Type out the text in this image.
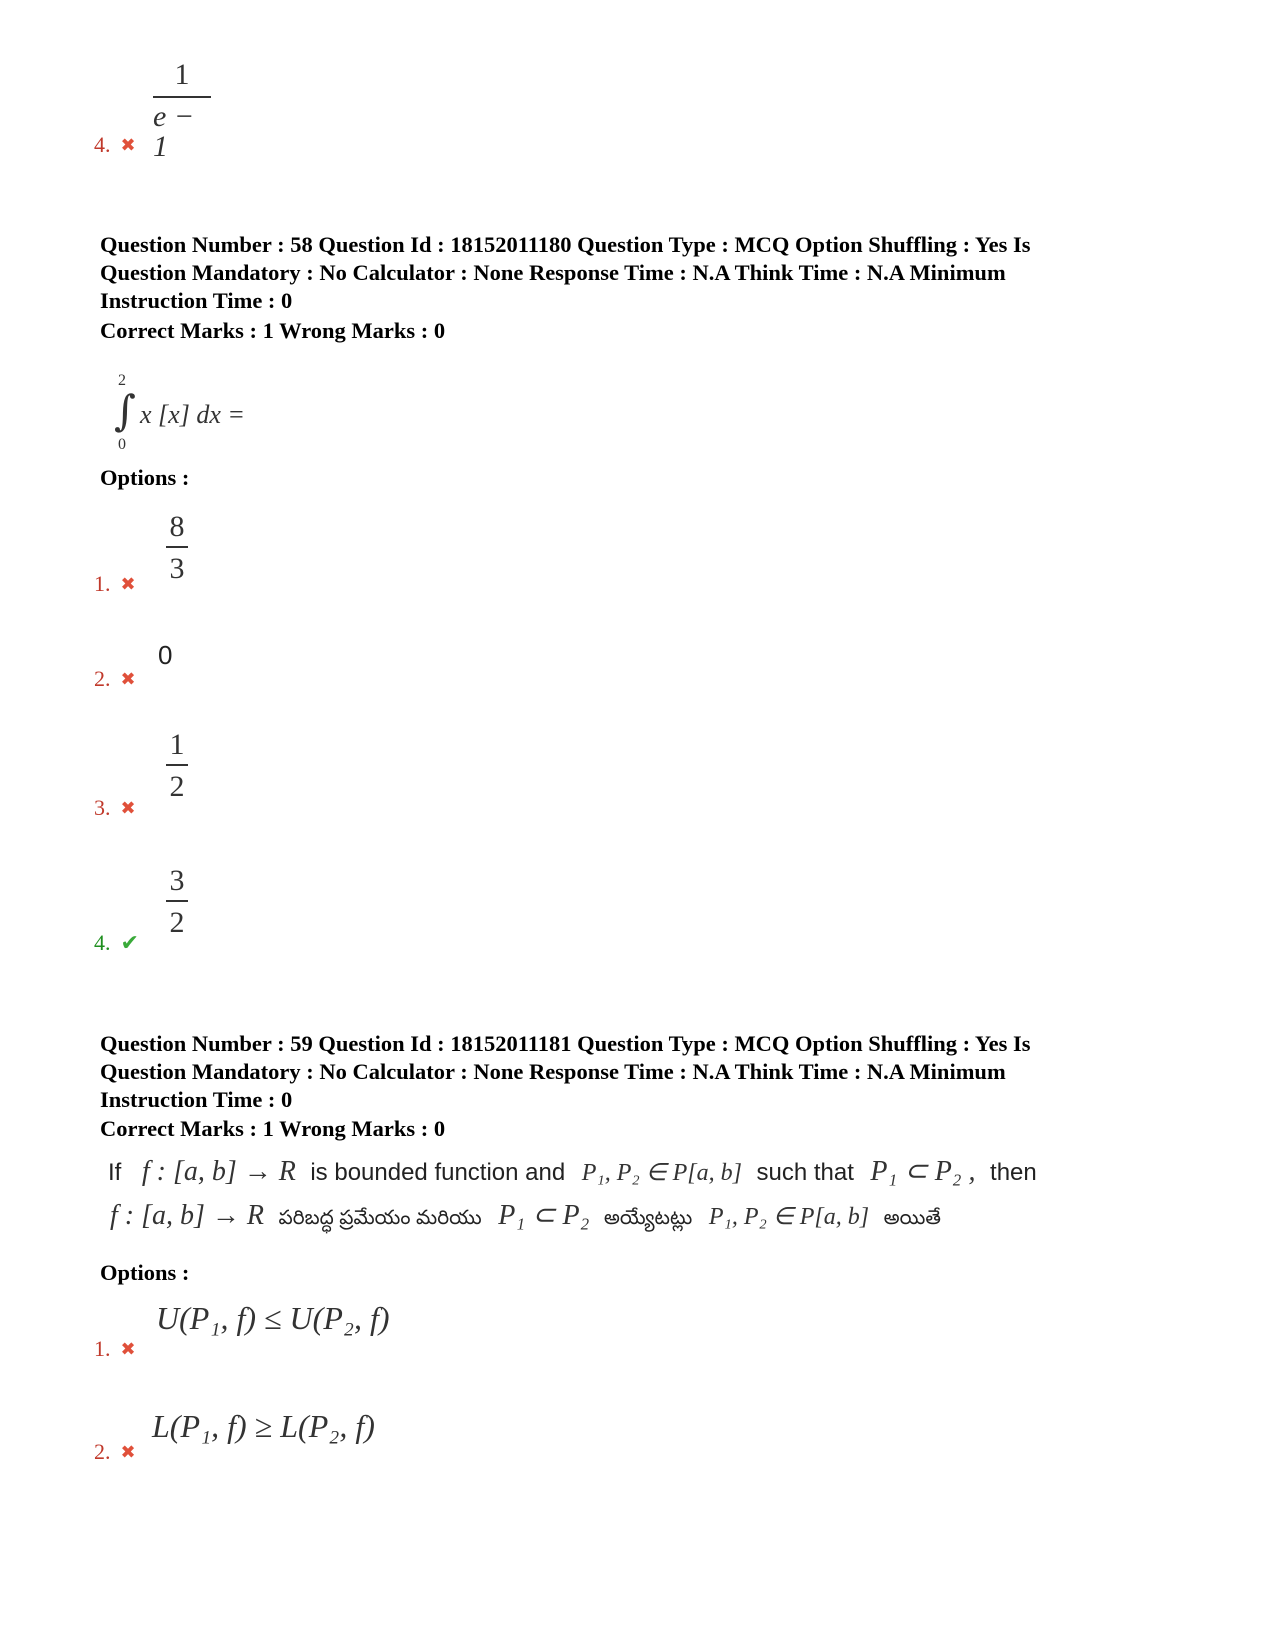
1
e − 1
4. ✖
Question Number : 58 Question Id : 18152011180 Question Type : MCQ Option Shuffling : Yes Is
Question Mandatory : No Calculator : None Response Time : N.A Think Time : N.A Minimum
Instruction Time : 0
Correct Marks : 1 Wrong Marks : 0
2
∫
0
x [x] dx =
Options :
8
3
1. ✖
0
2. ✖
1
2
3. ✖
3
2
4. ✔
Question Number : 59 Question Id : 18152011181 Question Type : MCQ Option Shuffling : Yes Is
Question Mandatory : No Calculator : None Response Time : N.A Think Time : N.A Minimum
Instruction Time : 0
Correct Marks : 1 Wrong Marks : 0
If f : [a, b] → R is bounded function and P₁, P₂ ∈ P[a, b] such that P₁ ⊂ P₂ , then
f : [a, b] → R పరిబద్ధ ప్రమేయం మరియు P₁ ⊂ P₂ అయ్యేటట్లు P₁, P₂ ∈ P[a, b] అయితే
Options :
U(P₁, f) ≤ U(P₂, f)
1. ✖
L(P₁, f) ≥ L(P₂, f)
2. ✖
